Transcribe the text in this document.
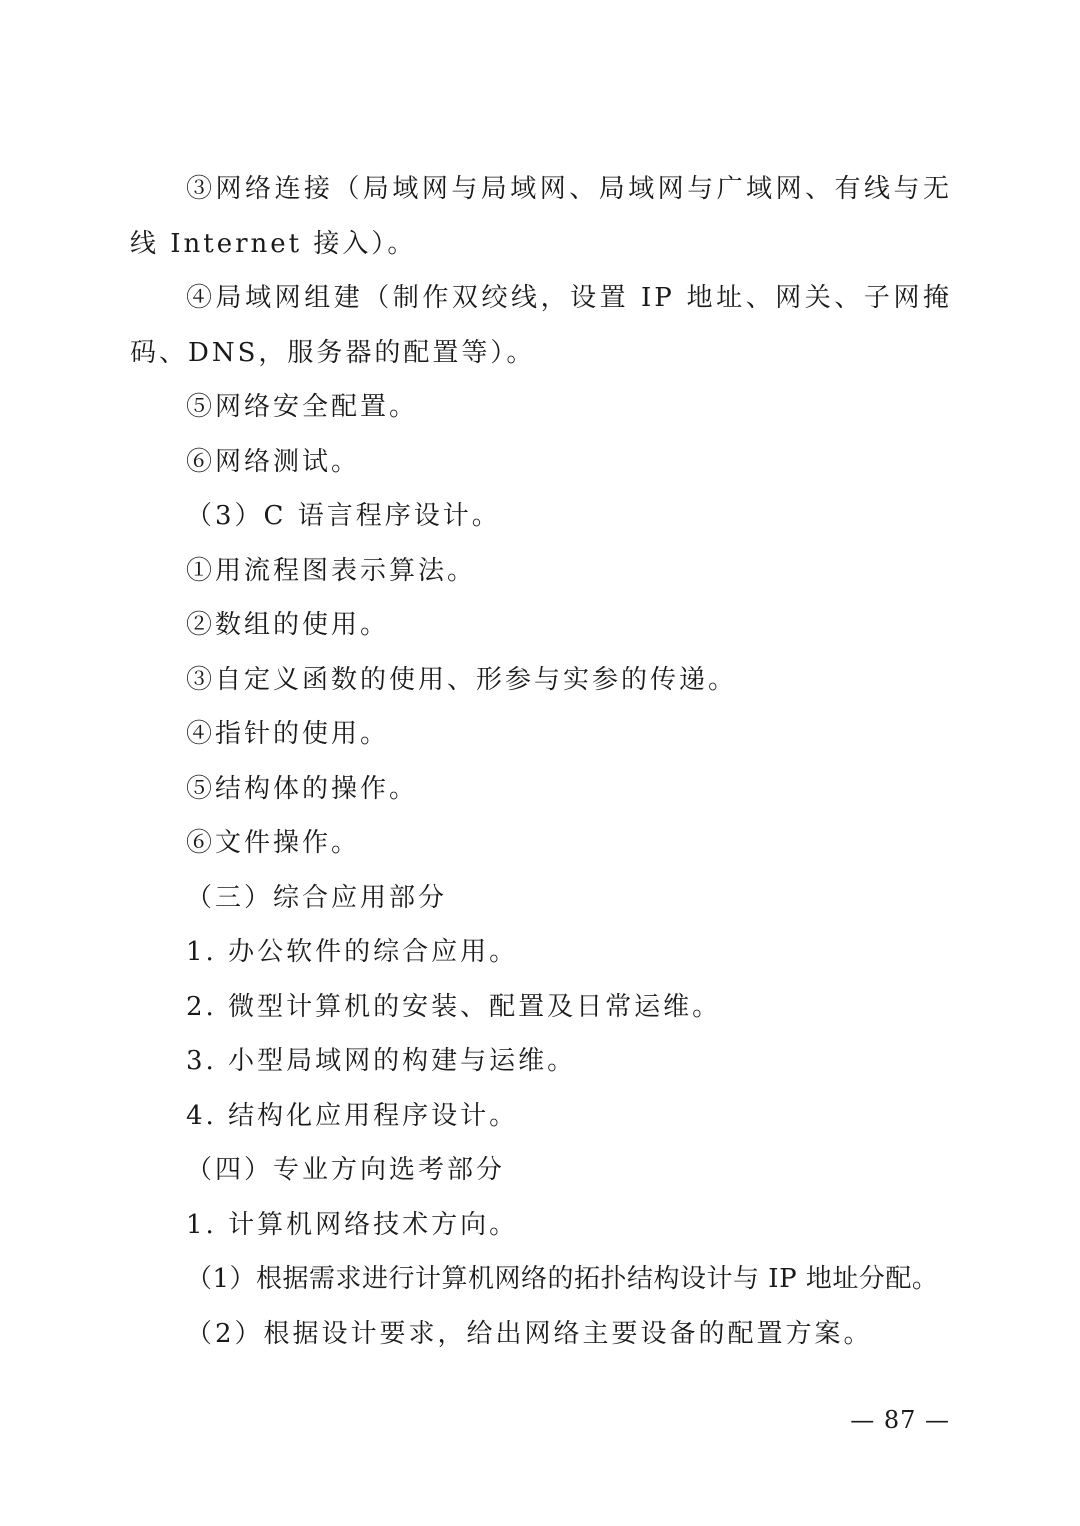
③网络连接（局域网与局域网、局域网与广域网、有线与无线 Internet 接入）。

④局域网组建（制作双绞线，设置 IP 地址、网关、子网掩码、DNS，服务器的配置等）。

⑤网络安全配置。

⑥网络测试。

（3）C 语言程序设计。

①用流程图表示算法。

②数组的使用。

③自定义函数的使用、形参与实参的传递。

④指针的使用。

⑤结构体的操作。

⑥文件操作。

（三）综合应用部分

1. 办公软件的综合应用。

2. 微型计算机的安装、配置及日常运维。

3. 小型局域网的构建与运维。

4. 结构化应用程序设计。

（四）专业方向选考部分

1. 计算机网络技术方向。

（1）根据需求进行计算机网络的拓扑结构设计与 IP 地址分配。

（2）根据设计要求，给出网络主要设备的配置方案。

— 87 —
